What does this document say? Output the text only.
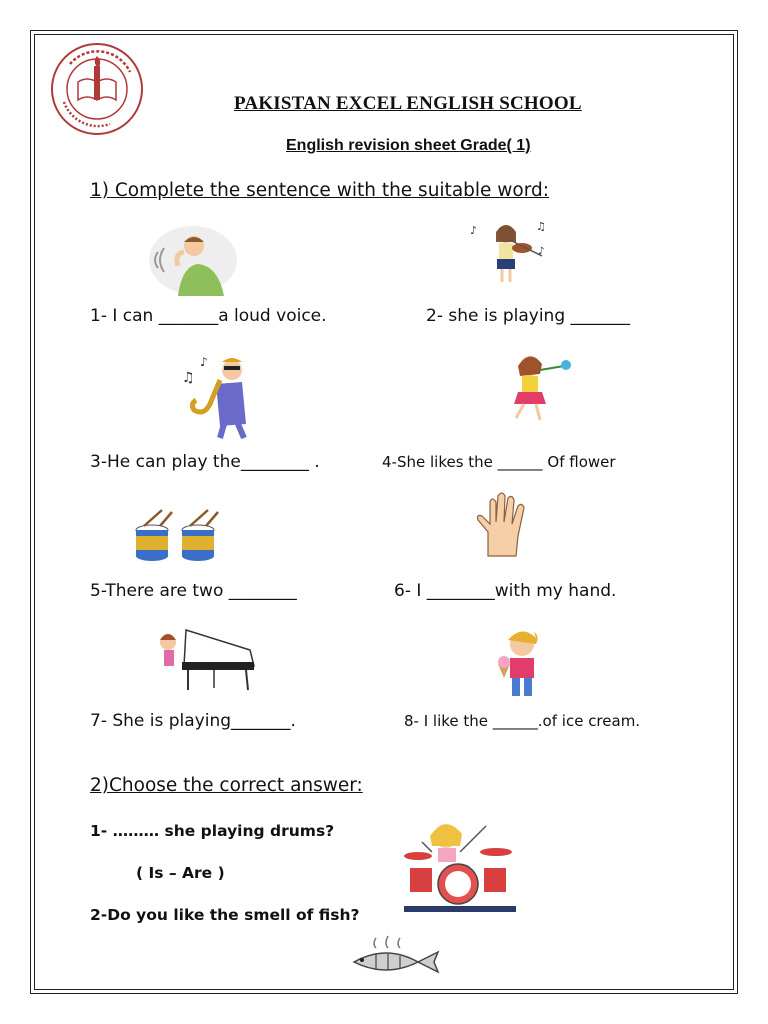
PAKISTAN EXCEL ENGLISH SCHOOL
English revision sheet Grade( 1)
1) Complete the sentence with the suitable word:
♪	♫
♪
1- I can _______a loud voice.	2- she is playing _______
♫
♪
3-He can play the________ .	4-She likes the ______ Of flower
5-There are two ________	6- I ________with my hand.
7- She is playing_______.	8- I like the ______.of ice cream.
2)Choose the correct answer:
1- ……… she playing drums?
( Is – Are )
2-Do you like the smell of fish?
